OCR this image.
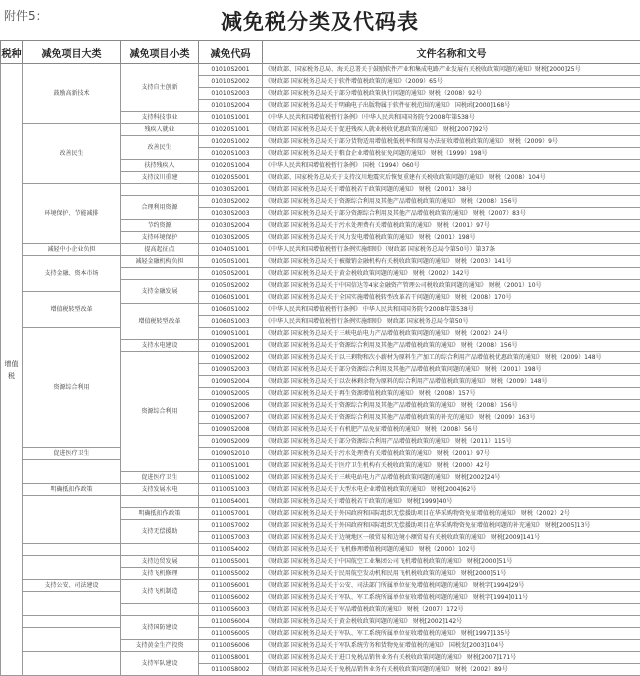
附件5：	减免税分类及代码表
税种	减免项目大类	减免项目小类	减免代码	文件名称和文号
增值税	鼓励高新技术	支持自主创新	01010S2001	《财政部、国家税务总局、海关总署关于鼓励软件产业和集成电路产业发展有关税收政策问题的通知》财税[2000]25号
			01010S2002	《财政部 国家税务总局关于软件增值税政策的通知》（2009）65号
			01010S2003	《财政部 国家税务总局关于部分增值税政策执行问题的通知》财税（2008）92号
			01010S2004	《财政部 国家税务总局关于明确电子出版物属于软件征税范围的通知》 国税函[2000]168号
		支持科技事业	01010S1001	《中华人民共和国增值税暂行条例》（中华人民共和国国务院令2008年第538号
	改善民生	残疾人就业	01020S1001	《财政部 国家税务总局关于促进残疾人就业税收优惠政策的通知》 财税[2007]92号
		改善民生	01020S1002	《财政部 国家税务总局关于部分货物适用增值税低税率和简易办法征收增值税政策的通知》 财税（2009）9号
			01020S1003	《财政部 国家税务总局关于粮食企业增值税征免问题的通知》 财税（1999）198号
		扶持残疾人	01020S1004	《中华人民共和国增值税暂行条例》 国税（1994）060号
		支持汶川重建	01020S5001	《财政部、国家税务总局关于支持汶川地震灾后恢复重建有关税收政策问题的通知》 财税（2008）104号
	环境保护、节能减排		01030S2001	《财政部 国家税务总局关于增值税若干政策问题的通知》 财税（2001）38号
		合理利用资源	01030S2002	《财政部 国家税务总局关于资源综合利用及其他产品增值税政策的通知》 财税（2008）156号
			01030S2003	《财政部 国家税务总局关于部分资源综合利用及其他产品增值税政策的通知》 财税（2007）83号
		节约资源	01030S2004	《财政部 国家税务总局关于污水处理费有关增值税政策的通知》 财税（2001）97号
		支持环境保护	01030S2005	《财政部 国家税务总局关于风力发电增值税政策的通知》 财税（2001）198号
	减轻中小企业负担	提高起征点	01040S1001	《中华人民共和国增值税暂行条例实施细则》（财政部 国家税务总局令第50号）第37条
	支持金融、资本市场	减轻金融机构负担	01050S1001	《财政部 国家税务总局关于被撤销金融机构有关税收政策问题的通知》 财税（2003）141号
			01050S2001	《财政部 国家税务总局关于黄金税收政策问题的通知》 财税（2002）142号
		支持金融发展	01050S2002	《财政部 国家税务总局关于中国信达等4家金融资产管理公司税收政策问题的通知》 财税（2001）10号
	增值税转型改革		01060S1001	《财政部 国家税务总局关于全国实施增值税转型改革若干问题的通知》 财税（2008）170号
		增值税转型改革	01060S1002	《中华人民共和国增值税暂行条例》 中华人民共和国国务院令2008年第538号
			01060S1003	《中华人民共和国增值税暂行条例实施细则》 财政部 国家税务总局令第50号
	资源综合利用		01090S1001	《财政部 国家税务总局关于三峡电站电力产品增值税政策问题的通知》 财税（2002）24号
		支持水电建设	01090S2001	《财政部 国家税务总局关于资源综合利用及其他产品增值税政策的通知》 财税（2008）156号
		资源综合利用	01090S2002	《财政部 国家税务总局关于以三剩物和次小薪材为原料生产加工的综合利用产品增值税优惠政策的通知》 财税（2009）148号
			01090S2003	《财政部 国家税务总局关于部分资源综合利用及其他产品增值税政策问题的通知》 财税（2001）198号
			01090S2004	《财政部 国家税务总局关于以农林剩余物为原料的综合利用产品增值税政策的通知》 财税（2009）148号
			01090S2005	《财政部 国家税务总局关于再生资源增值税政策的通知》 财税（2008）157号
			01090S2006	《财政部 国家税务总局关于资源综合利用及其他产品增值税政策的通知》 财税（2008）156号
			01090S2007	《财政部 国家税务总局关于资源综合利用及其他产品增值税政策的补充的通知》 财税（2009）163号
			01090S2008	《财政部 国家税务总局关于有机肥产品免征增值税的通知》 财税（2008）56号
			01090S2009	《财政部 国家税务总局关于部分资源综合利用产品增值税政策的通知》 财税（2011）115号
	促进医疗卫生		01090S2010	《财政部 国家税务总局关于污水处理费有关增值税政策的通知》 财税（2001）97号
			01100S1001	《财政部 国家税务总局关于医疗卫生机构有关税收政策的通知》 财税（2000）42号
		促进医疗卫生	01100S1002	《财政部 国家税务总局关于三峡电站电力产品增值税政策问题的通知》 财税[2002]24号
	明确抵扣作政策	支持发展水电	01100S1003	《财政部 国家税务总局关于大型水电企业增值税政策的通知》 财税[2004]62号
			01100S4001	《财政部 国家税务总局关于增值税若干政策的通知》 财税[1999]40号
		明确抵扣作政策	01100S7001	《财政部 国家税务总局关于外国政府和国际组织无偿援助项目在华采购物资免征增值税的通知》 财税（2002）2号
		支持无偿援助	01100S7002	《财政部 国家税务总局关于外国政府和国际组织无偿援助项目在华采购物资免征增值税问题的补充通知》 财税[2005]13号
			01100S7003	《财政部 国家税务总局关于边境地区一般贸易和边境小额贸易有关税收政策的通知》 财税[2009]141号
			01100S4002	《财政部 国家税务总局关于飞机修理增值税问题的通知》 财税（2000）102号
		支持边贸发展	01100S5001	《财政部 国家税务总局关于中国航空工业集团公司飞机增值税政策的通知》 财税[2000]51号
		支持飞机修理	01100S5002	《财政部 国家税务总局关于民用航空发动机和民用飞机税收政策的通知》 财税[2000]51号
	支持公安、司法建设	支持飞机制造	01100S6001	《财政部 国家税务总局关于公安、司法部门所属单位征免增值税问题的通知》 财税字[1994]29号
			01100S6002	《财政部 国家税务总局关于军队、军工系统所属单位征收增值税问题的通知》 财税字[1994]011号
			01100S6003	《财政部 国家税务总局关于军品增值税政策的通知》 财税（2007）172号
		支持国防建设	01100S6004	《财政部 国家税务总局关于黄金税收政策问题的通知》 财税[2002]142号
			01100S6005	《财政部 国家税务总局关于军队、军工系统所属单位征收增值税的通知》 财税[1997]135号
		支持黄金生产投资	01100S6006	《财政部 国家税务总局关于军队系统劳务和货物免征增值税的通知》 国税发[2003]104号
		支持军队建设	01100S8001	《财政部 国家税务总局关于进口免税品销售业务有关税收政策问题的通知》 财税[2007]171号
			01100S8002	《财政部 国家税务总局关于免税品销售业务有关税收政策问题的通知》 财税（2002）89号
